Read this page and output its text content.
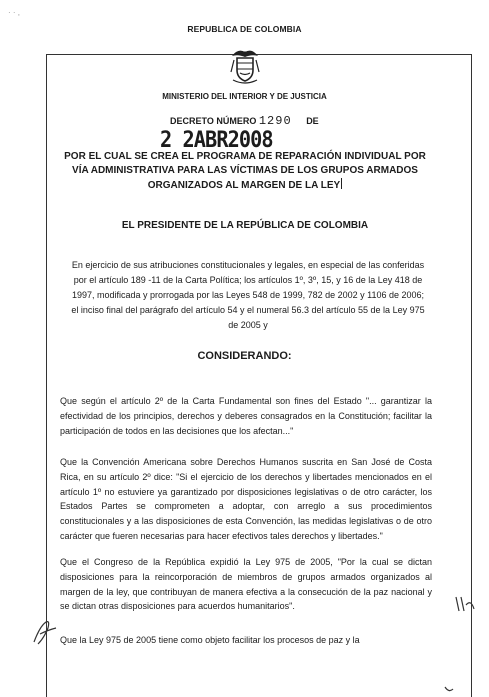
· · ,
REPUBLICA DE COLOMBIA
MINISTERIO DEL INTERIOR Y DE JUSTICIA
DECRETO NÚMERO 1290 DE
2 2ABR2008
POR EL CUAL SE CREA EL PROGRAMA DE REPARACIÓN INDIVIDUAL POR VÍA ADMINISTRATIVA PARA LAS VÍCTIMAS DE LOS GRUPOS ARMADOS ORGANIZADOS AL MARGEN DE LA LEY
EL PRESIDENTE DE LA REPÚBLICA DE COLOMBIA
En ejercicio de sus atribuciones constitucionales y legales, en especial de las conferidas por el artículo 189 -11 de la Carta Política; los artículos 1º, 3º, 15, y 16 de la Ley 418 de 1997, modificada y prorrogada por las Leyes 548 de 1999, 782 de 2002 y 1106 de 2006; el inciso final del parágrafo del artículo 54 y el numeral 56.3 del artículo 55 de la Ley 975 de 2005 y
CONSIDERANDO:
Que según el artículo 2º de la Carta Fundamental son fines del Estado "... garantizar la efectividad de los principios, derechos y deberes consagrados en la Constitución; facilitar la participación de todos en las decisiones que los afectan..."
Que la Convención Americana sobre Derechos Humanos suscrita en San José de Costa Rica, en su artículo 2º dice: "Si el ejercicio de los derechos y libertades mencionados en el artículo 1º no estuviere ya garantizado por disposiciones legislativas o de otro carácter, los Estados Partes se comprometen a adoptar, con arreglo a sus procedimientos constitucionales y a las disposiciones de esta Convención, las medidas legislativas o de otro carácter que fueren necesarias para hacer efectivos tales derechos y libertades."
Que el Congreso de la República expidió la Ley 975 de 2005, "Por la cual se dictan disposiciones para la reincorporación de miembros de grupos armados organizados al margen de la ley, que contribuyan de manera efectiva a la consecución de la paz nacional y se dictan otras disposiciones para acuerdos humanitarios".
Que la Ley 975 de 2005 tiene como objeto facilitar los procesos de paz y la
